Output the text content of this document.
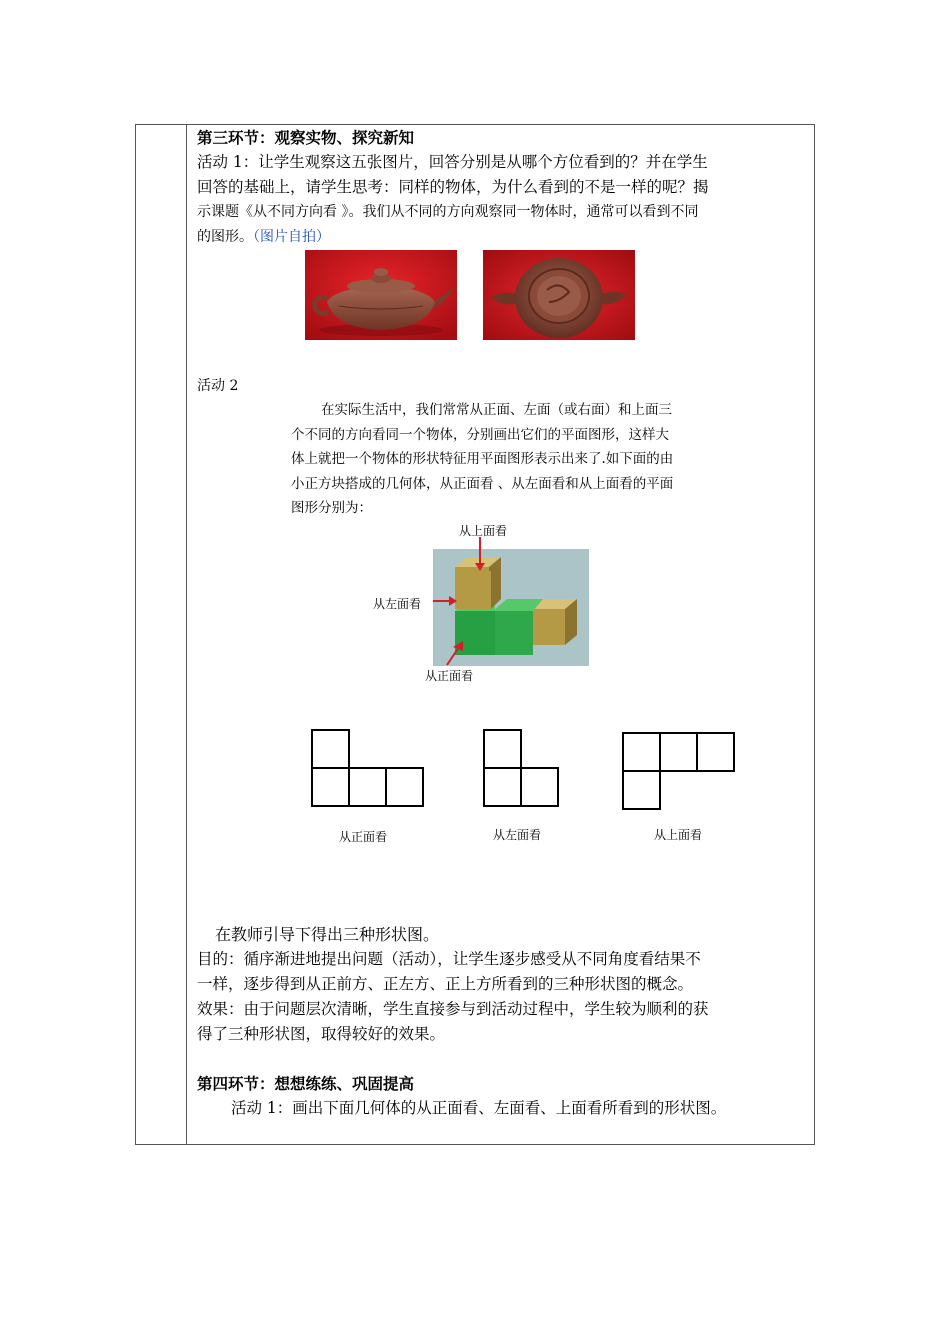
第三环节：观察实物、探究新知
活动 1：让学生观察这五张图片，回答分别是从哪个方位看到的？并在学生
回答的基础上，请学生思考：同样的物体，为什么看到的不是一样的呢？揭
示课题《从不同方向看 》。我们从不同的方向观察同一物体时，通常可以看到不同
的图形。（图片自拍）
活动 2
在实际生活中，我们常常从正面、左面（或右面）和上面三
个不同的方向看同一个物体，分别画出它们的平面图形，这样大
体上就把一个物体的形状特征用平面图形表示出来了.如下面的由
小正方块搭成的几何体，从正面看 、从左面看和从上面看的平面
图形分别为：
从上面看
从左面看
从正面看
从正面看	从左面看	从上面看
在教师引导下得出三种形状图。
目的：循序渐进地提出问题（活动），让学生逐步感受从不同角度看结果不
一样，逐步得到从正前方、正左方、正上方所看到的三种形状图的概念。
效果：由于问题层次清晰，学生直接参与到活动过程中，学生较为顺利的获
得了三种形状图，取得较好的效果。
第四环节：想想练练、巩固提高
活动 1：画出下面几何体的从正面看、左面看、上面看所看到的形状图。
